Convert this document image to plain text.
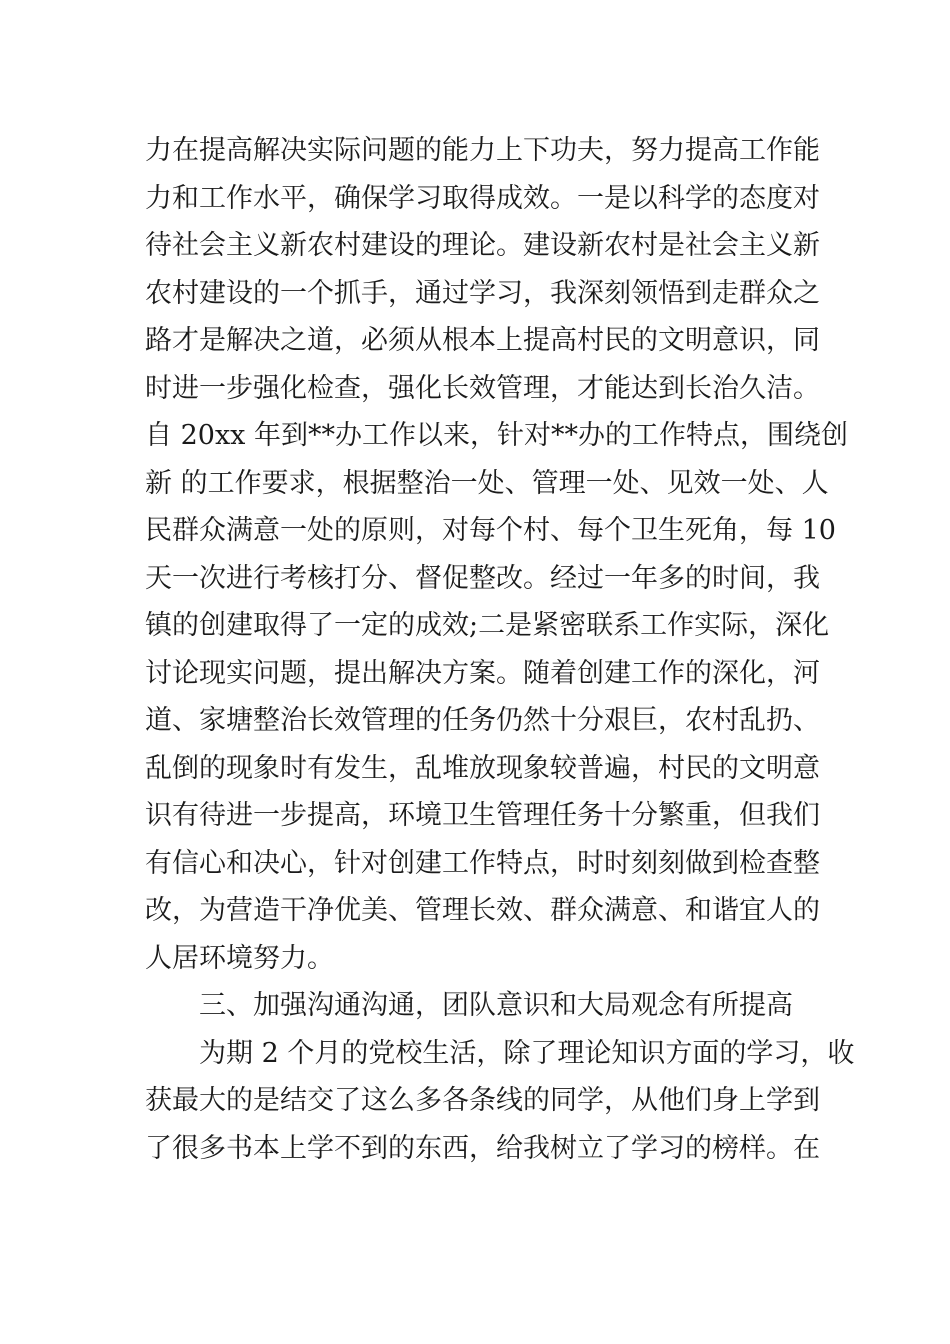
力在提高解决实际问题的能力上下功夫，努力提高工作能
力和工作水平，确保学习取得成效。一是以科学的态度对
待社会主义新农村建设的理论。建设新农村是社会主义新
农村建设的一个抓手，通过学习，我深刻领悟到走群众之
路才是解决之道，必须从根本上提高村民的文明意识，同
时进一步强化检查，强化长效管理，才能达到长治久洁。
自 20xx 年到**办工作以来，针对**办的工作特点，围绕创
新 的工作要求，根据整治一处、管理一处、见效一处、人
民群众满意一处的原则，对每个村、每个卫生死角，每 10
天一次进行考核打分、督促整改。经过一年多的时间，我
镇的创建取得了一定的成效;二是紧密联系工作实际，深化
讨论现实问题，提出解决方案。随着创建工作的深化，河
道、家塘整治长效管理的任务仍然十分艰巨，农村乱扔、
乱倒的现象时有发生，乱堆放现象较普遍，村民的文明意
识有待进一步提高，环境卫生管理任务十分繁重，但我们
有信心和决心，针对创建工作特点，时时刻刻做到检查整
改，为营造干净优美、管理长效、群众满意、和谐宜人的
人居环境努力。
三、加强沟通沟通，团队意识和大局观念有所提高
为期 2 个月的党校生活，除了理论知识方面的学习，收
获最大的是结交了这么多各条线的同学，从他们身上学到
了很多书本上学不到的东西，给我树立了学习的榜样。在
